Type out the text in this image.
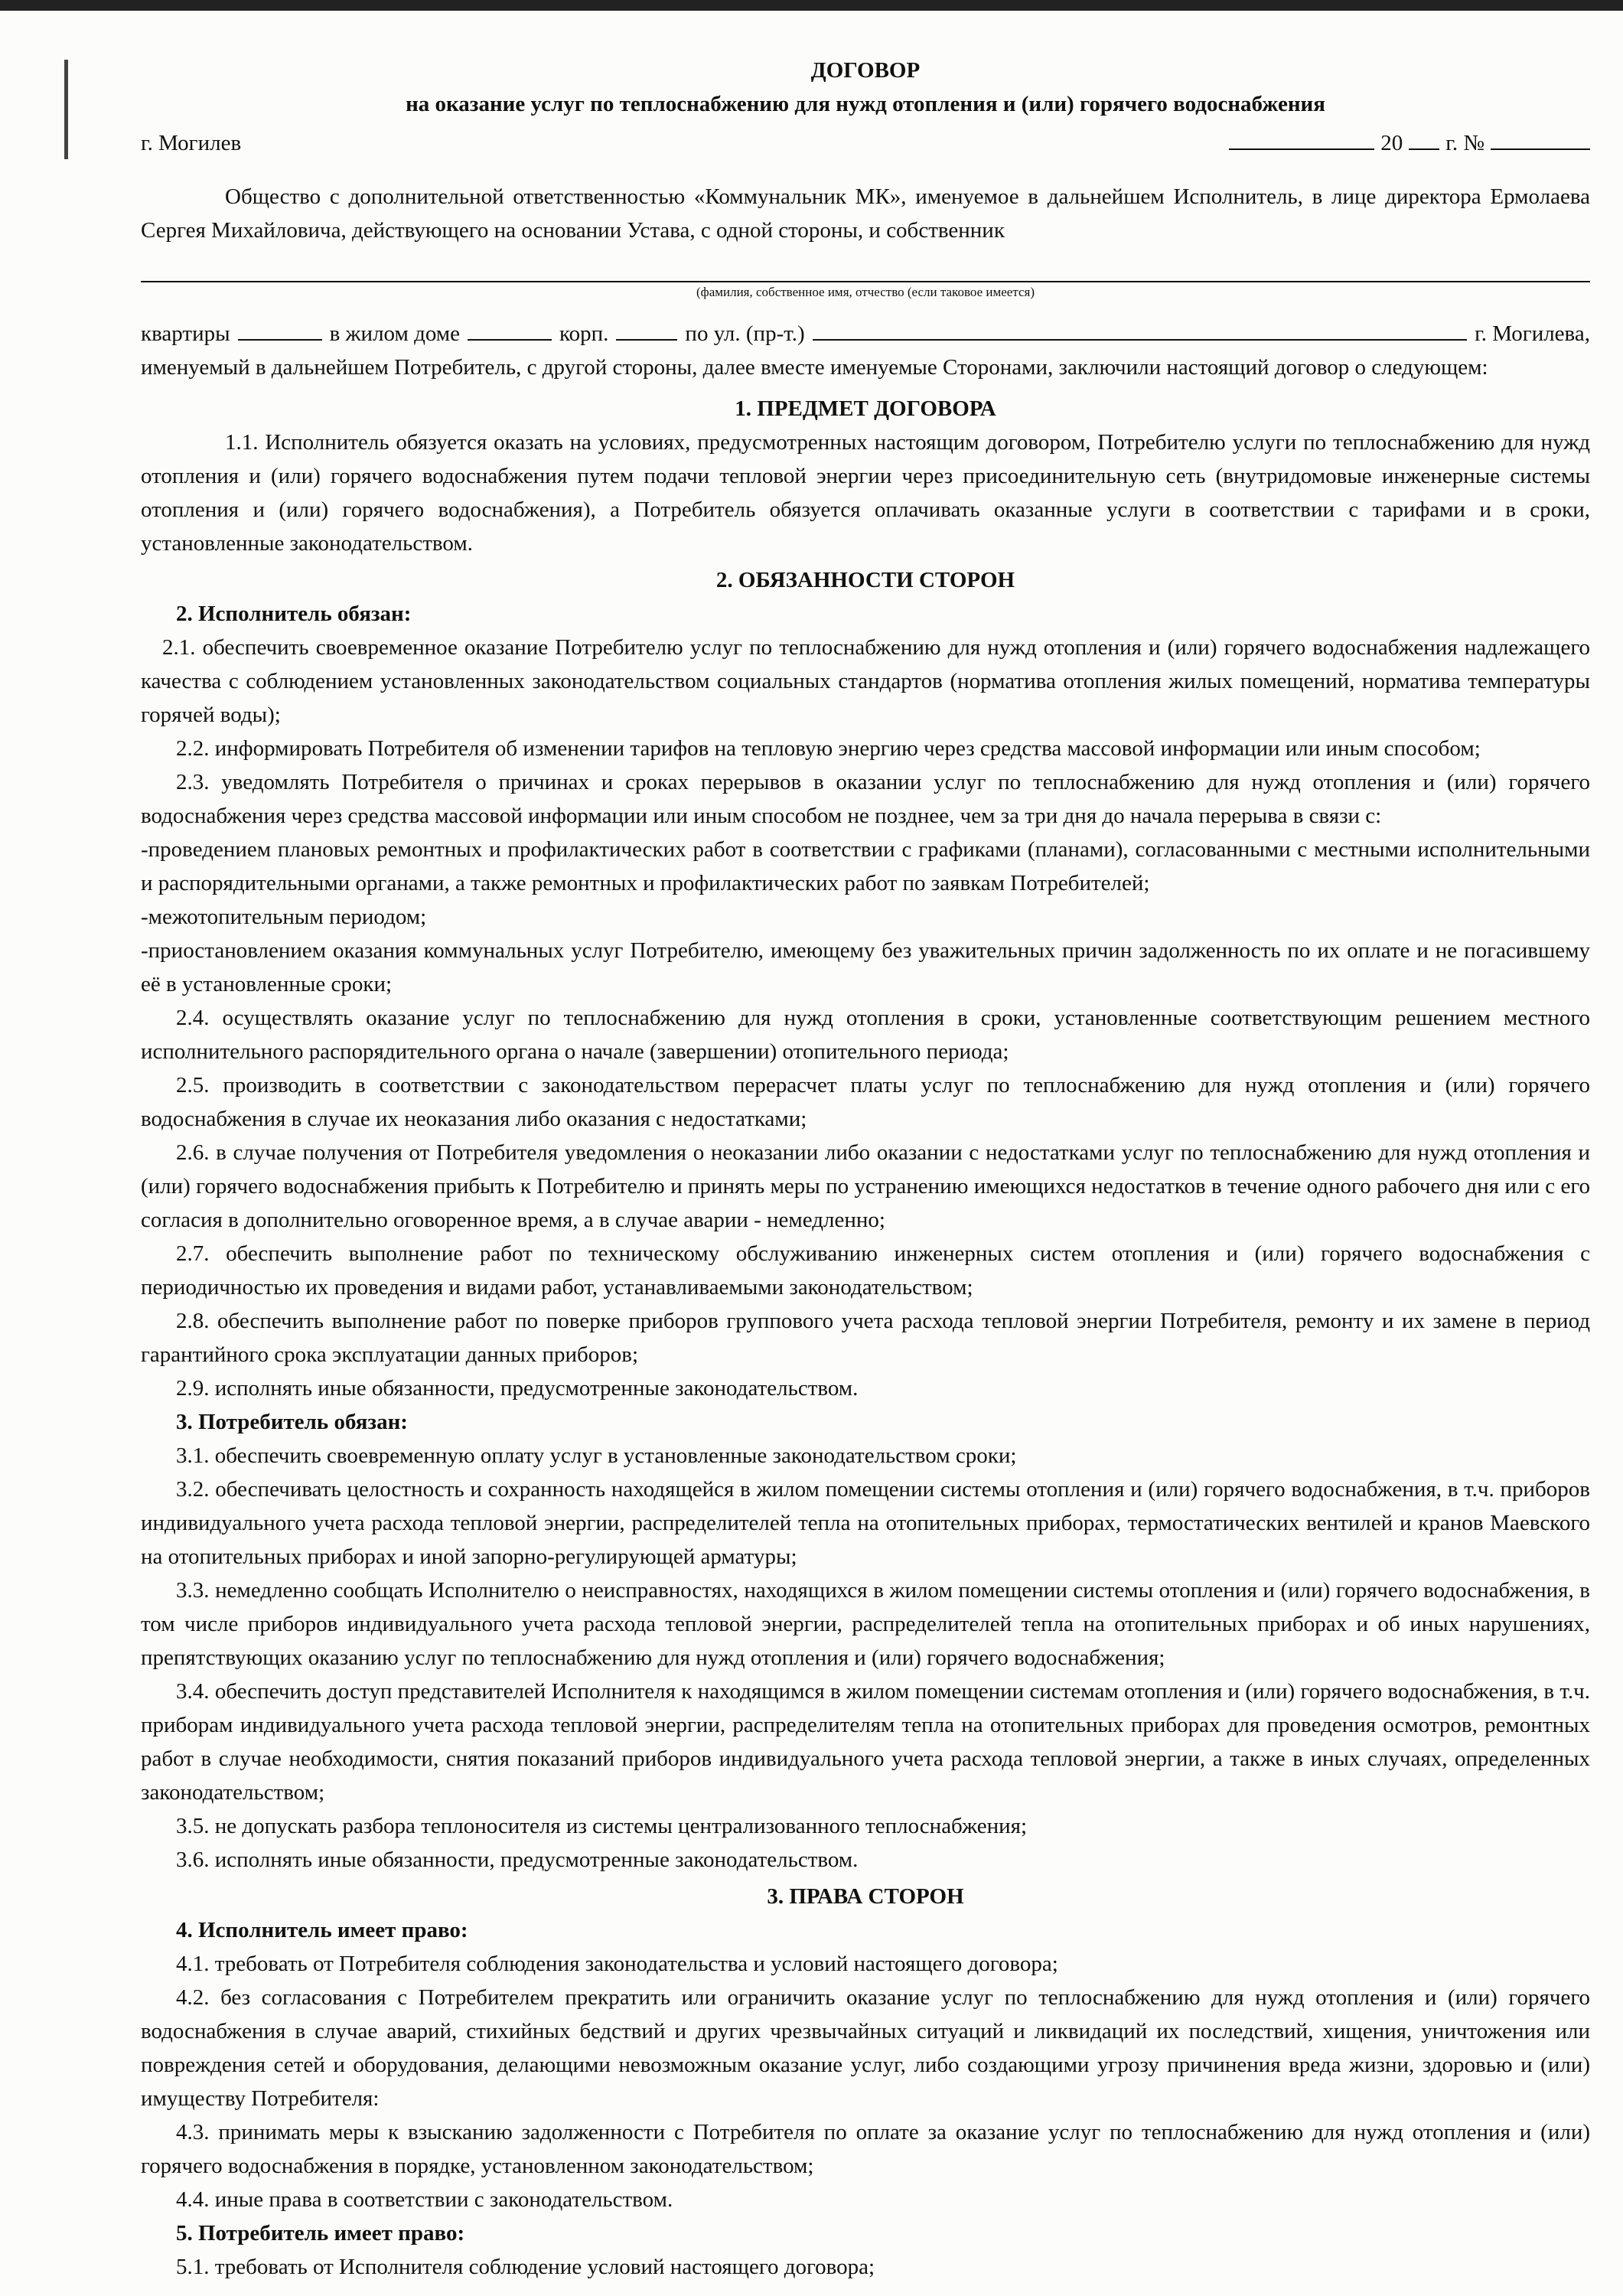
ДОГОВОР

на оказание услуг по теплоснабжению для нужд отопления и (или) горячего водоснабжения

г. Могилев	20 г. №

Общество с дополнительной ответственностью «Коммунальник МК», именуемое в дальнейшем Исполнитель, в лице директора Ермолаева Сергея Михайловича, действующего на основании Устава, с одной стороны, и собственник

(фамилия, собственное имя, отчество (если таковое имеется)

квартиры	в жилом доме	корп.	по ул. (пр-т.)	г. Могилева,

именуемый в дальнейшем Потребитель, с другой стороны, далее вместе именуемые Сторонами, заключили настоящий договор о следующем:

1. ПРЕДМЕТ ДОГОВОРА

1.1. Исполнитель обязуется оказать на условиях, предусмотренных настоящим договором, Потребителю услуги по теплоснабжению для нужд отопления и (или) горячего водоснабжения путем подачи тепловой энергии через присоединительную сеть (внутридомовые инженерные системы отопления и (или) горячего водоснабжения), а Потребитель обязуется оплачивать оказанные услуги в соответствии с тарифами и в сроки, установленные законодательством.

2. ОБЯЗАННОСТИ СТОРОН

2. Исполнитель обязан:

2.1. обеспечить своевременное оказание Потребителю услуг по теплоснабжению для нужд отопления и (или) горячего водоснабжения надлежащего качества с соблюдением установленных законодательством социальных стандартов (норматива отопления жилых помещений, норматива температуры горячей воды);

2.2. информировать Потребителя об изменении тарифов на тепловую энергию через средства массовой информации или иным способом;

2.3. уведомлять Потребителя о причинах и сроках перерывов в оказании услуг по теплоснабжению для нужд отопления и (или) горячего водоснабжения через средства массовой информации или иным способом не позднее, чем за три дня до начала перерыва в связи с:

-проведением плановых ремонтных и профилактических работ в соответствии с графиками (планами), согласованными с местными исполнительными и распорядительными органами, а также ремонтных и профилактических работ по заявкам Потребителей;

-межотопительным периодом;

-приостановлением оказания коммунальных услуг Потребителю, имеющему без уважительных причин задолженность по их оплате и не погасившему её в установленные сроки;

2.4. осуществлять оказание услуг по теплоснабжению для нужд отопления в сроки, установленные соответствующим решением местного исполнительного распорядительного органа о начале (завершении) отопительного периода;

2.5. производить в соответствии с законодательством перерасчет платы услуг по теплоснабжению для нужд отопления и (или) горячего водоснабжения в случае их неоказания либо оказания с недостатками;

2.6. в случае получения от Потребителя уведомления о неоказании либо оказании с недостатками услуг по теплоснабжению для нужд отопления и (или) горячего водоснабжения прибыть к Потребителю и принять меры по устранению имеющихся недостатков в течение одного рабочего дня или с его согласия в дополнительно оговоренное время, а в случае аварии - немедленно;

2.7. обеспечить выполнение работ по техническому обслуживанию инженерных систем отопления и (или) горячего водоснабжения с периодичностью их проведения и видами работ, устанавливаемыми законодательством;

2.8. обеспечить выполнение работ по поверке приборов группового учета расхода тепловой энергии Потребителя, ремонту и их замене в период гарантийного срока эксплуатации данных приборов;

2.9. исполнять иные обязанности, предусмотренные законодательством.

3. Потребитель обязан:

3.1. обеспечить своевременную оплату услуг в установленные законодательством сроки;

3.2. обеспечивать целостность и сохранность находящейся в жилом помещении системы отопления и (или) горячего водоснабжения, в т.ч. приборов индивидуального учета расхода тепловой энергии, распределителей тепла на отопительных приборах, термостатических вентилей и кранов Маевского на отопительных приборах и иной запорно-регулирующей арматуры;

3.3. немедленно сообщать Исполнителю о неисправностях, находящихся в жилом помещении системы отопления и (или) горячего водоснабжения, в том числе приборов индивидуального учета расхода тепловой энергии, распределителей тепла на отопительных приборах и об иных нарушениях, препятствующих оказанию услуг по теплоснабжению для нужд отопления и (или) горячего водоснабжения;

3.4. обеспечить доступ представителей Исполнителя к находящимся в жилом помещении системам отопления и (или) горячего водоснабжения, в т.ч. приборам индивидуального учета расхода тепловой энергии, распределителям тепла на отопительных приборах для проведения осмотров, ремонтных работ в случае необходимости, снятия показаний приборов индивидуального учета расхода тепловой энергии, а также в иных случаях, определенных законодательством;

3.5. не допускать разбора теплоносителя из системы централизованного теплоснабжения;

3.6. исполнять иные обязанности, предусмотренные законодательством.

3. ПРАВА СТОРОН

4. Исполнитель имеет право:

4.1. требовать от Потребителя соблюдения законодательства и условий настоящего договора;

4.2. без согласования с Потребителем прекратить или ограничить оказание услуг по теплоснабжению для нужд отопления и (или) горячего водоснабжения в случае аварий, стихийных бедствий и других чрезвычайных ситуаций и ликвидаций их последствий, хищения, уничтожения или повреждения сетей и оборудования, делающими невозможным оказание услуг, либо создающими угрозу причинения вреда жизни, здоровью и (или) имуществу Потребителя:

4.3. принимать меры к взысканию задолженности с Потребителя по оплате за оказание услуг по теплоснабжению для нужд отопления и (или) горячего водоснабжения в порядке, установленном законодательством;

4.4. иные права в соответствии с законодательством.

5. Потребитель имеет право:

5.1. требовать от Исполнителя соблюдение условий настоящего договора;
